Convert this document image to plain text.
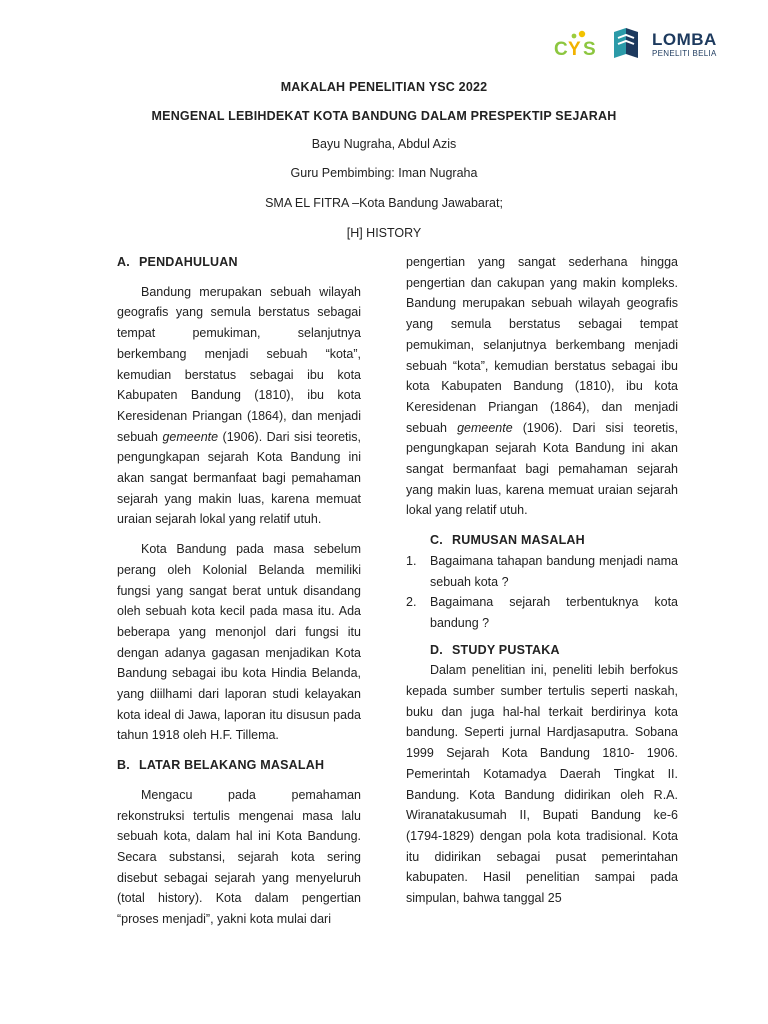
C Y S	LOMBA
PENELITI BELIA
MAKALAH PENELITIAN YSC 2022
MENGENAL LEBIHDEKAT KOTA BANDUNG DALAM PRESPEKTIP SEJARAH
Bayu Nugraha, Abdul Azis
Guru Pembimbing: Iman Nugraha
SMA EL FITRA –Kota Bandung Jawabarat;
[H] HISTORY
A. PENDAHULUAN

Bandung merupakan sebuah wilayah geografis yang semula berstatus sebagai tempat pemukiman, selanjutnya berkembang menjadi sebuah “kota”, kemudian berstatus sebagai ibu kota Kabupaten Bandung (1810), ibu kota Keresidenan Priangan (1864), dan menjadi sebuah gemeente (1906). Dari sisi teoretis, pengungkapan sejarah Kota Bandung ini akan sangat bermanfaat bagi pemahaman sejarah yang makin luas, karena memuat uraian sejarah lokal yang relatif utuh.

Kota Bandung pada masa sebelum perang oleh Kolonial Belanda memiliki fungsi yang sangat berat untuk disandang oleh sebuah kota kecil pada masa itu. Ada beberapa yang menonjol dari fungsi itu dengan adanya gagasan menjadikan Kota Bandung sebagai ibu kota Hindia Belanda, yang diilhami dari laporan studi kelayakan kota ideal di Jawa, laporan itu disusun pada tahun 1918 oleh H.F. Tillema.

B. LATAR BELAKANG MASALAH

Mengacu pada pemahaman rekonstruksi tertulis mengenai masa lalu sebuah kota, dalam hal ini Kota Bandung. Secara substansi, sejarah kota sering disebut sebagai sejarah yang menyeluruh (total history). Kota dalam pengertian “proses menjadi”, yakni kota mulai dari

pengertian yang sangat sederhana hingga pengertian dan cakupan yang makin kompleks. Bandung merupakan sebuah wilayah geografis yang semula berstatus sebagai tempat pemukiman, selanjutnya berkembang menjadi sebuah “kota”, kemudian berstatus sebagai ibu kota Kabupaten Bandung (1810), ibu kota Keresidenan Priangan (1864), dan menjadi sebuah gemeente (1906). Dari sisi teoretis, pengungkapan sejarah Kota Bandung ini akan sangat bermanfaat bagi pemahaman sejarah yang makin luas, karena memuat uraian sejarah lokal yang relatif utuh.

C. RUMUSAN MASALAH
1. Bagaimana tahapan bandung menjadi nama sebuah kota ?
2. Bagaimana sejarah terbentuknya kota bandung ?
D. STUDY PUSTAKA

Dalam penelitian ini, peneliti lebih berfokus kepada sumber sumber tertulis seperti naskah, buku dan juga hal-hal terkait berdirinya kota bandung. Seperti jurnal Hardjasaputra. Sobana 1999 Sejarah Kota Bandung 1810- 1906. Pemerintah Kotamadya Daerah Tingkat II. Bandung. Kota Bandung didirikan oleh R.A. Wiranatakusumah II, Bupati Bandung ke-6 (1794-1829) dengan pola kota tradisional. Kota itu didirikan sebagai pusat pemerintahan kabupaten. Hasil penelitian sampai pada simpulan, bahwa tanggal 25
